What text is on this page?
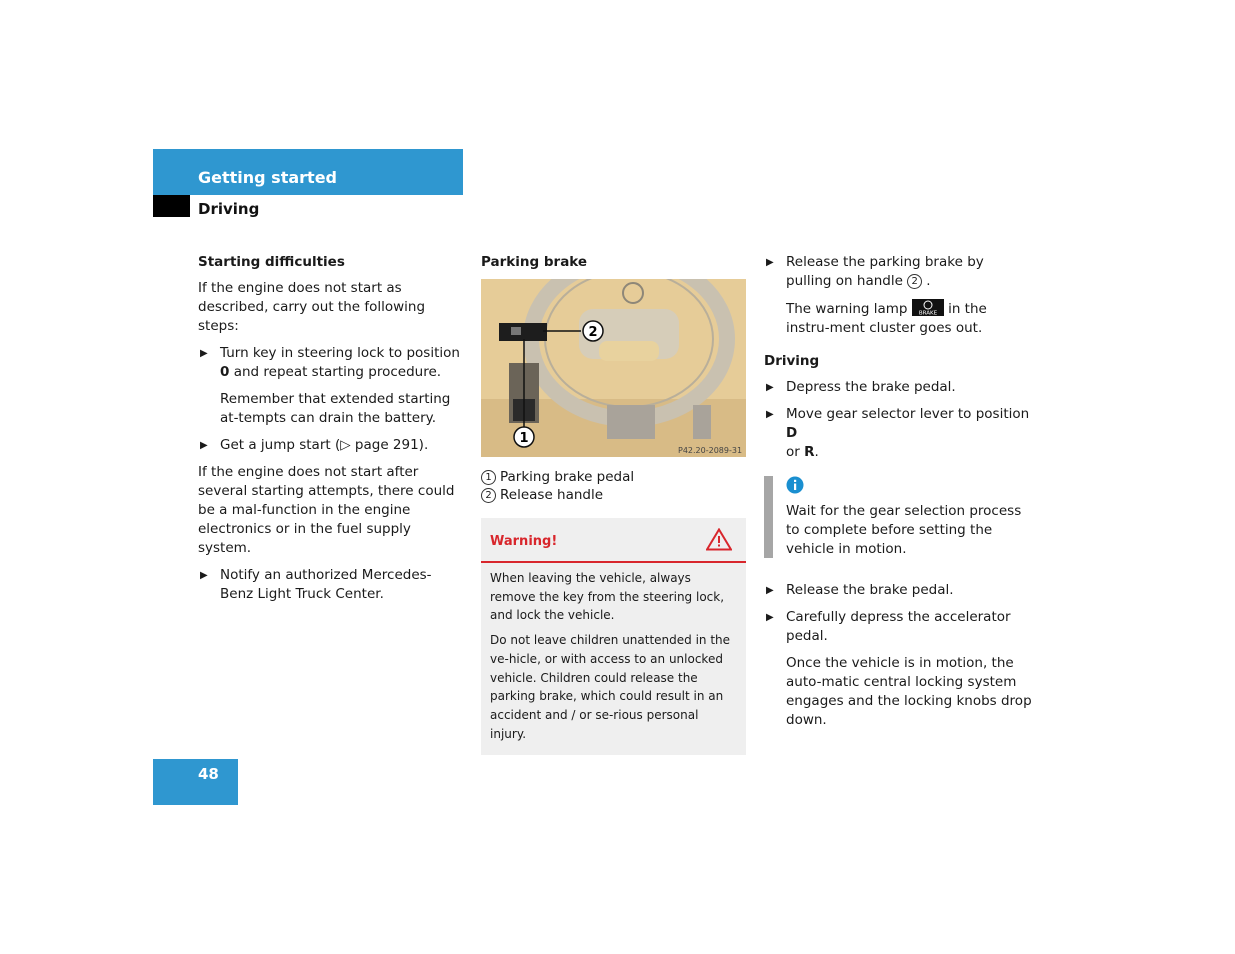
Getting started
Driving

Starting difficulties

If the engine does not start as described, carry out the following steps:

▶ Turn key in steering lock to position 0 and repeat starting procedure.

Remember that extended starting at-tempts can drain the battery.

▶ Get a jump start (▷ page 291).

If the engine does not start after several starting attempts, there could be a mal-function in the engine electronics or in the fuel supply system.

▶ Notify an authorized Mercedes-Benz Light Truck Center.

Parking brake

1
2
P42.20-2089-31
1 Parking brake pedal
2 Release handle
Warning!

When leaving the vehicle, always remove the key from the steering lock, and lock the vehicle.

Do not leave children unattended in the ve-hicle, or with access to an unlocked vehicle. Children could release the parking brake, which could result in an accident and / or se-rious personal injury.

▶ Release the parking brake by pulling on handle 2 .

The warning lamp BRAKE in the instru-ment cluster goes out.

Driving

▶ Depress the brake pedal.
▶ Move gear selector lever to position D
or R.
Wait for the gear selection process to complete before setting the vehicle in motion.
▶ Release the brake pedal.
▶ Carefully depress the accelerator pedal.

Once the vehicle is in motion, the auto-matic central locking system engages and the locking knobs drop down.

48
